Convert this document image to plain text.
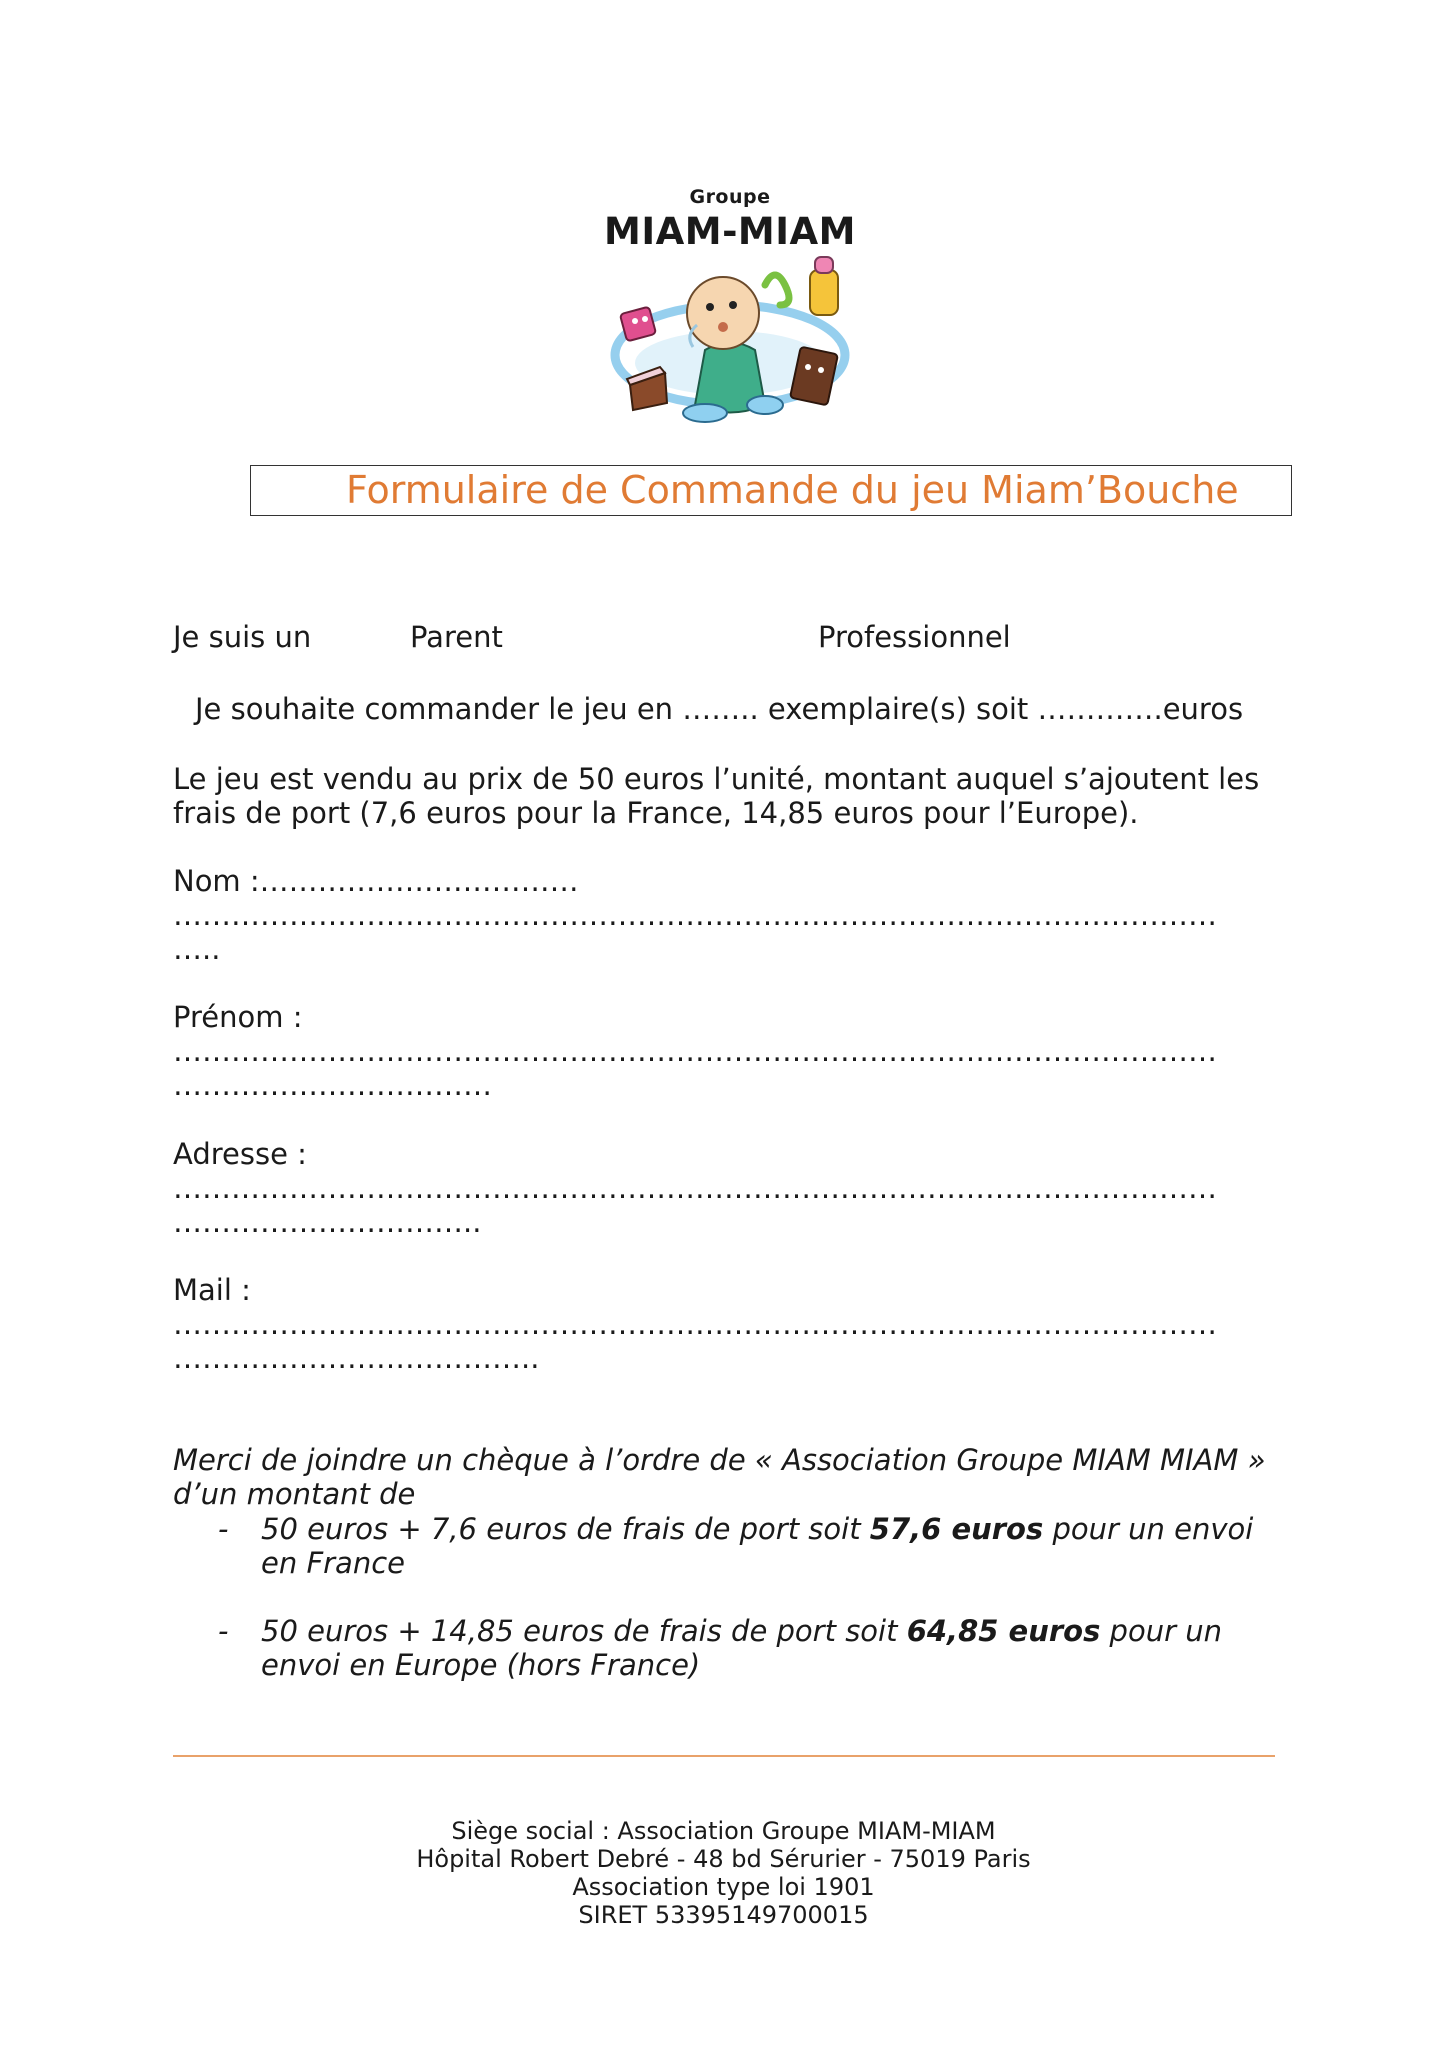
Groupe
MIAM-MIAM
Formulaire de Commande du jeu Miam’Bouche
Je suis un	Parent	Professionnel
Je souhaite commander le jeu en …….. exemplaire(s) soit ………….euros
Le jeu est vendu au prix de 50 euros l’unité, montant auquel s’ajoutent les
frais de port (7,6 euros pour la France, 14,85 euros pour l’Europe).
Nom :……………………………
………………………………………………………………………………………………
…..
Prénom :
………………………………………………………………………………………………
……………………………
Adresse :
………………………………………………………………………………………………
…………………………..
Mail :
………………………………………………………………………………………………
………………………………..
Merci de joindre un chèque à l’ordre de « Association Groupe MIAM MIAM »
d’un montant de
- 50 euros + 7,6 euros de frais de port soit 57,6 euros pour un envoi
en France
- 50 euros + 14,85 euros de frais de port soit 64,85 euros pour un
envoi en Europe (hors France)
Siège social : Association Groupe MIAM-MIAM
Hôpital Robert Debré - 48 bd Sérurier - 75019 Paris
Association type loi 1901
SIRET 53395149700015
